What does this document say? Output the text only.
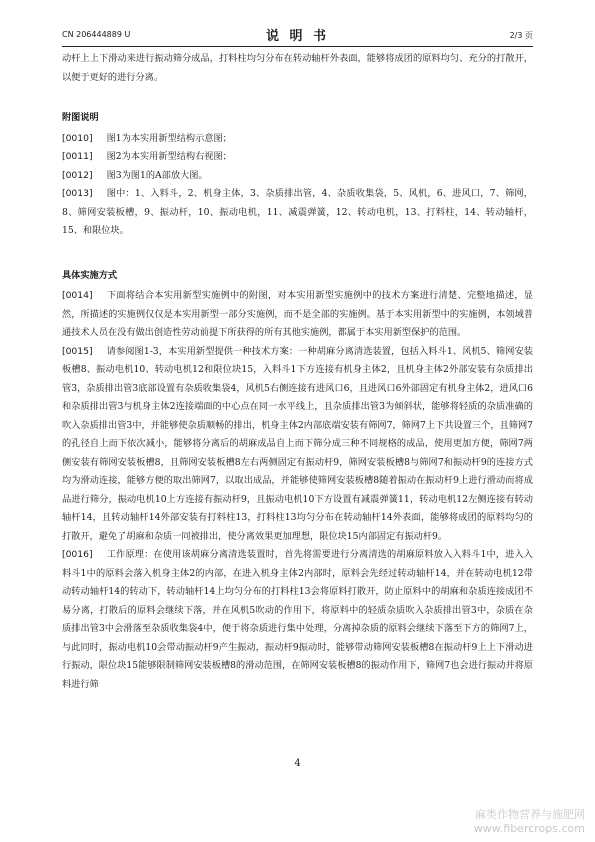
CN 206444889 U	说 明 书	2/3 页

动杆上上下滑动来进行振动筛分成品，打料柱均匀分布在转动轴杆外表面，能够将成团的原料均匀、充分的打散开，以便于更好的进行分离。

附图说明

[0010] 图1为本实用新型结构示意图；

[0011] 图2为本实用新型结构右视图；

[0012] 图3为图1的A部放大图。

[0013] 图中：1、入料斗，2、机身主体，3、杂质排出管，4、杂质收集袋，5、风机，6、进风口，7、筛网，8、筛网安装板槽，9、振动杆，10、振动电机，11、减震弹簧，12、转动电机，13、打料柱，14、转动轴杆，15、和限位块。

具体实施方式

[0014] 下面将结合本实用新型实施例中的附图，对本实用新型实施例中的技术方案进行清楚、完整地描述，显然，所描述的实施例仅仅是本实用新型一部分实施例，而不是全部的实施例。基于本实用新型中的实施例，本领域普通技术人员在没有做出创造性劳动前提下所获得的所有其他实施例，都属于本实用新型保护的范围。

[0015] 请参阅图1-3，本实用新型提供一种技术方案：一种胡麻分离清选装置，包括入料斗1、风机5、筛网安装板槽8、振动电机10、转动电机12和限位块15，入料斗1下方连接有机身主体2，且机身主体2外部安装有杂质排出管3，杂质排出管3底部设置有杂质收集袋4，风机5右侧连接有进风口6，且进风口6外部固定有机身主体2，进风口6和杂质排出管3与机身主体2连接端面的中心点在同一水平线上，且杂质排出管3为倾斜状，能够将轻质的杂质准确的吹入杂质排出管3中，并能够使杂质顺畅的排出，机身主体2内部底端安装有筛网7，筛网7上下共设置三个，且筛网7的孔径自上而下依次减小，能够将分离后的胡麻成品自上而下筛分成三种不同规格的成品，使用更加方便，筛网7两侧安装有筛网安装板槽8，且筛网安装板槽8左右两侧固定有振动杆9，筛网安装板槽8与筛网7和振动杆9的连接方式均为滑动连接，能够方便的取出筛网7，以取出成品，并能够使筛网安装板槽8随着振动在振动杆9上进行滑动而将成品进行筛分，振动电机10上方连接有振动杆9，且振动电机10下方设置有减震弹簧11，转动电机12左侧连接有转动轴杆14，且转动轴杆14外部安装有打料柱13，打料柱13均匀分布在转动轴杆14外表面，能够将成团的原料均匀的打散开，避免了胡麻和杂质一同被排出，使分离效果更加理想，限位块15内部固定有振动杆9。

[0016] 工作原理：在使用该胡麻分离清选装置时，首先将需要进行分离清选的胡麻原料放入入料斗1中，进入入料斗1中的原料会落入机身主体2的内部，在进入机身主体2内部时，原料会先经过转动轴杆14，并在转动电机12带动转动轴杆14的转动下，转动轴杆14上均匀分布的打料柱13会将原料打散开，防止原料中的胡麻和杂质连接成团不易分离，打散后的原料会继续下落，并在风机5吹动的作用下，将原料中的轻质杂质吹入杂质排出管3中，杂质在杂质排出管3中会滑落至杂质收集袋4中，便于将杂质进行集中处理，分离掉杂质的原料会继续下落至下方的筛网7上，与此同时，振动电机10会带动振动杆9产生振动，振动杆9振动时，能够带动筛网安装板槽8在振动杆9上上下滑动进行振动，限位块15能够限制筛网安装板槽8的滑动范围，在筛网安装板槽8的振动作用下，筛网7也会进行振动并将原料进行筛

4
麻类作物营养与施肥网
www.fibercrops.com
